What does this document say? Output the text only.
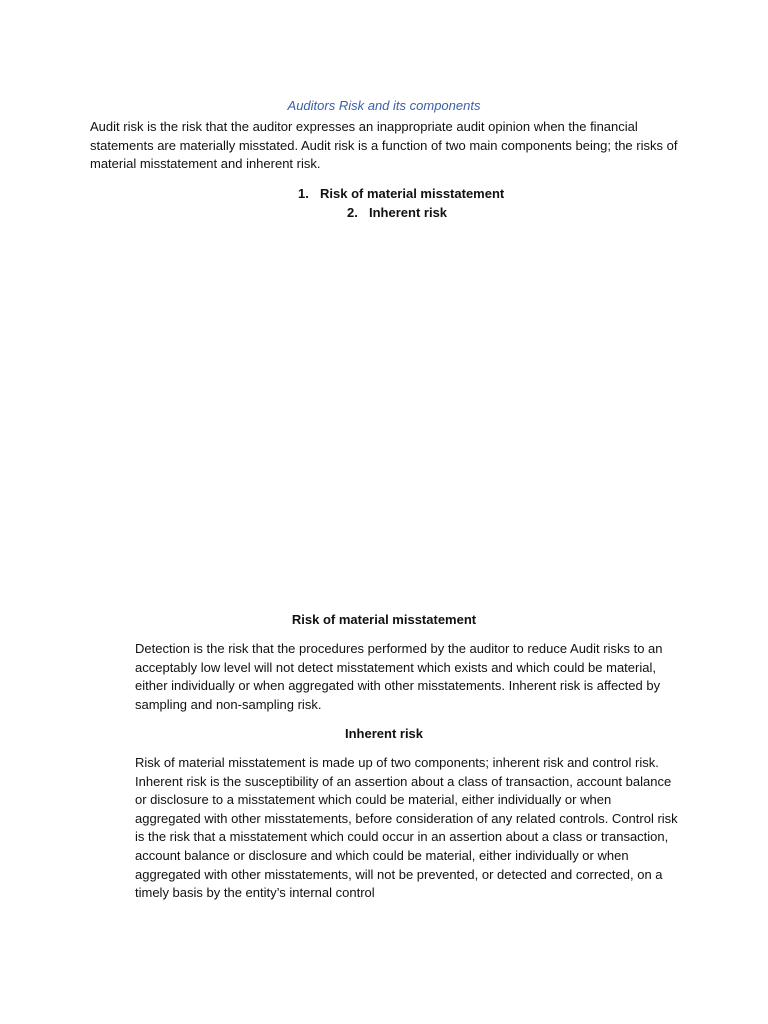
Auditors Risk and its components

Audit risk is the risk that the auditor expresses an inappropriate audit opinion when the financial statements are materially misstated. Audit risk is a function of two main components being; the risks of material misstatement and inherent risk.

1. Risk of material misstatement
2. Inherent risk
Risk of material misstatement

Detection is the risk that the procedures performed by the auditor to reduce Audit risks to an acceptably low level will not detect misstatement which exists and which could be material, either individually or when aggregated with other misstatements. Inherent risk is affected by sampling and non-sampling risk.

Inherent risk

Risk of material misstatement is made up of two components; inherent risk and control risk. Inherent risk is the susceptibility of an assertion about a class of transaction, account balance or disclosure to a misstatement which could be material, either individually or when aggregated with other misstatements, before consideration of any related controls. Control risk is the risk that a misstatement which could occur in an assertion about a class or transaction, account balance or disclosure and which could be material, either individually or when aggregated with other misstatements, will not be prevented, or detected and corrected, on a timely basis by the entity’s internal control
